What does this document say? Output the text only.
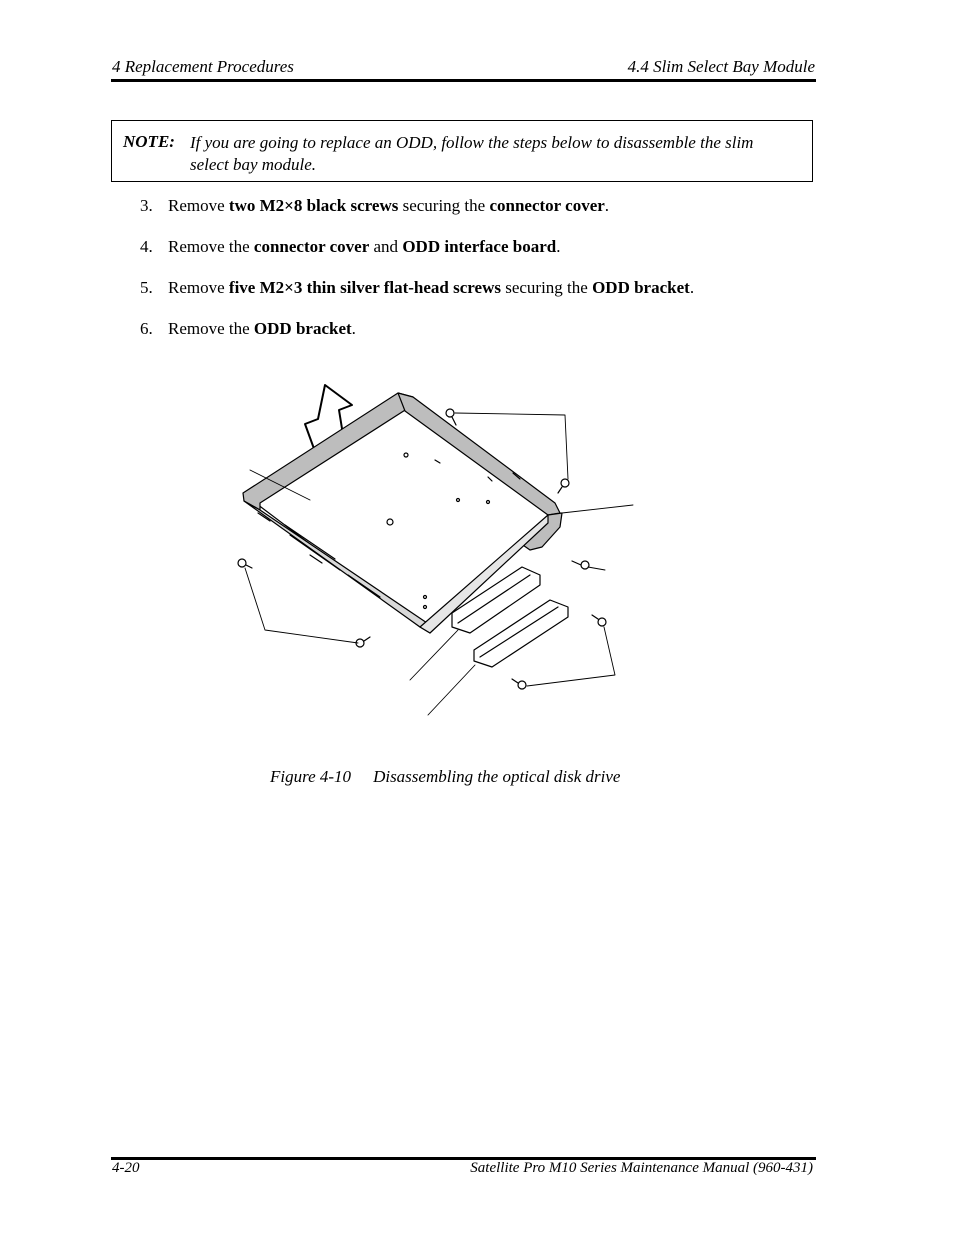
4 Replacement Procedures	4.4 Slim Select Bay Module
NOTE: If you are going to replace an ODD, follow the steps below to disassemble the slim select bay module.
3. Remove two M2×8 black screws securing the connector cover.
4. Remove the connector cover and ODD interface board.
5. Remove five M2×3 thin silver flat-head screws securing the ODD bracket.
6. Remove the ODD bracket.
Figure 4-10 Disassembling the optical disk drive
4-20	Satellite Pro M10 Series Maintenance Manual (960-431)
